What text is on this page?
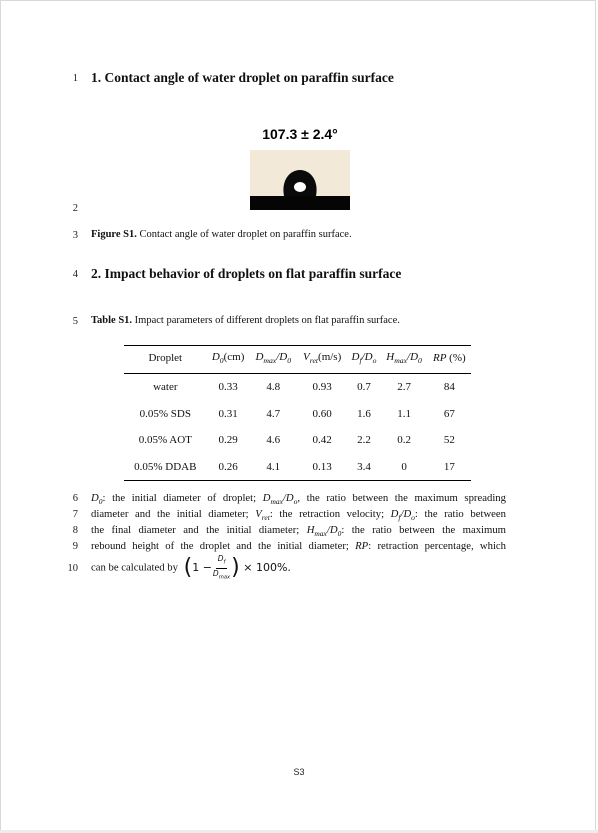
1
2
3
4
5
6
7
8
9
10
1. Contact angle of water droplet on paraffin surface
107.3 ± 2.4°
Figure S1. Contact angle of water droplet on paraffin surface.
2. Impact behavior of droplets on flat paraffin surface
Table S1. Impact parameters of different droplets on flat paraffin surface.
Droplet	$D_0(cm)$	$D_{max}/D_0$	$V_{ret}(m/s)$	$D_f/D_o$	$H_{max}/D_0$	RP (%)
water	0.33	4.8	0.93	0.7	2.7	84
0.05% SDS	0.31	4.7	0.60	1.6	1.1	67
0.05% AOT	0.29	4.6	0.42	2.2	0.2	52
0.05% DDAB	0.26	4.1	0.13	3.4	0	17
$D_0$: the initial diameter of droplet; $D_{max}/D_o$, the ratio between the maximum spreading
diameter and the initial diameter; $V_{ret}$: the retraction velocity; $D_f/D_o$: the ratio between
the final diameter and the initial diameter; $H_{max}/D_0$: the ratio between the maximum
rebound height of the droplet and the initial diameter; RP: retraction percentage, which
can be calculated by ( $1 - \frac{D_f}{D_{max}}$ )
× 100%.
S3
